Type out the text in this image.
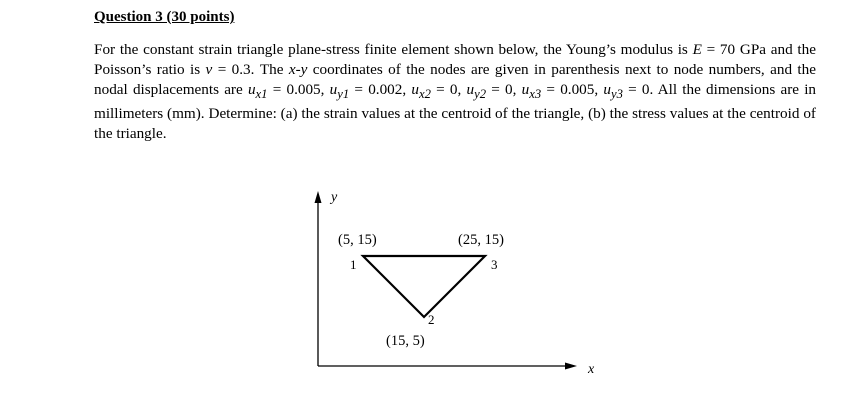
Question 3 (30 points)

For the constant strain triangle plane-stress finite element shown below, the Young’s modulus is E = 70 GPa and the Poisson’s ratio is ν = 0.3. The x-y coordinates of the nodes are given in parenthesis next to node numbers, and the nodal displacements are $u_{x1} = 0.005$, $u_{y1} = 0.002$, $u_{x2} = 0$, $u_{y2} = 0$, $u_{x3} = 0.005$, $u_{y3} = 0$. All the dimensions are in millimeters (mm). Determine: (a) the strain values at the centroid of the triangle, (b) the stress values at the centroid of the triangle.

y
x
(5, 15)
1
(25, 15)
3
2
(15, 5)
